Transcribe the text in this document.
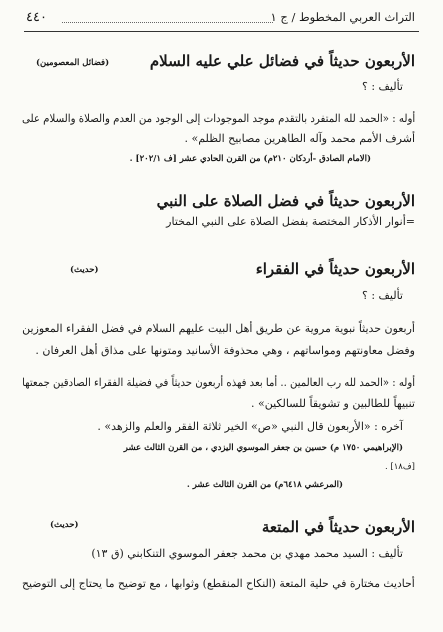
التراث العربي المخطوط / ج ١
٤٤٠
الأربعون حديثاً في فضائل علي عليه السلام
(فضائل المعصومين)
تأليف : ؟
أوله : «الحمد لله المتفرد بالتقدم موجد الموجودات إلى الوجود من العدم والصلاة والسلام على
أشرف الأمم محمد وآله الطاهرين مصابيح الظلم» .
(الامام الصادق -أردكان ٢١٠م) من القرن الحادي عشر [ف ٢٠٢/١] .
الأربعون حديثاً في فضل الصلاة على النبي
=أنوار الأذكار المختصة بفضل الصلاة على النبي المختار
الأربعون حديثاً في الفقراء
(حديث)
تأليف : ؟
أربعون حديثاً نبوية مروية عن طريق أهل البيت عليهم السلام في فضل الفقراء المعوزين
وفضل معاونتهم ومواساتهم ، وهي محذوفة الأسانيد ومتونها على مذاق أهل العرفان .
أوله : «الحمد لله رب العالمين .. أما بعد فهذه أربعون حديثاً في فضيلة الفقراء الصادقين جمعتها
تنبيهاً للطالبين و تشويقاً للسالكين» .
آخره : «الأربعون قال النبي «ص» الخير ثلاثة الفقر والعلم والزهد» .
(الإبراهيمي ١٧٥٠ م) حسين بن جعفر الموسوي اليزدي ، من القرن الثالث عشر
[ف١٨] .
(المرعشي ٦٤١٨م) من القرن الثالث عشر .
الأربعون حديثاً في المتعة
(حديث)
تأليف : السيد محمد مهدي بن محمد جعفر الموسوي التنكابني (ق ١٣)
أحاديث مختارة في حلية المتعة (النكاح المنقطع) وثوابها ، مع توضيح ما يحتاج إلى التوضيح
